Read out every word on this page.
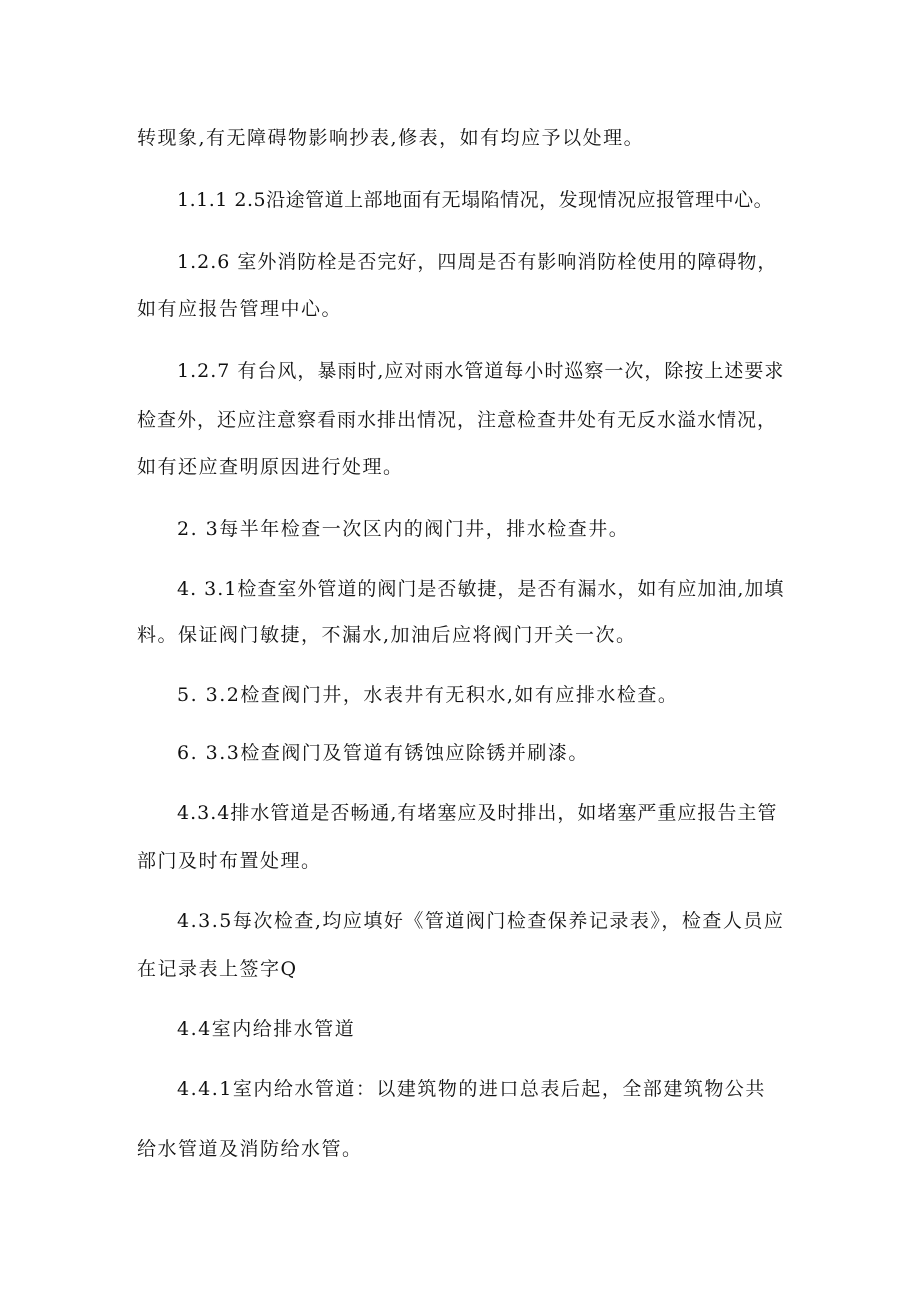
转现象,有无障碍物影响抄表,修表，如有均应予以处理。
1.1.1 2.5沿途管道上部地面有无塌陷情况，发现情况应报管理中心。
1.2.6 室外消防栓是否完好，四周是否有影响消防栓使用的障碍物，
如有应报告管理中心。
1.2.7 有台风，暴雨时,应对雨水管道每小时巡察一次，除按上述要求
检查外，还应注意察看雨水排出情况，注意检查井处有无反水溢水情况，
如有还应查明原因进行处理。
2. 3每半年检查一次区内的阀门井，排水检查井。
4. 3.1检查室外管道的阀门是否敏捷，是否有漏水，如有应加油,加填
料。保证阀门敏捷，不漏水,加油后应将阀门开关一次。
5. 3.2检查阀门井，水表井有无积水,如有应排水检查。
6. 3.3检查阀门及管道有锈蚀应除锈并刷漆。
4.3.4排水管道是否畅通,有堵塞应及时排出，如堵塞严重应报告主管
部门及时布置处理。
4.3.5每次检查,均应填好《管道阀门检查保养记录表》，检查人员应
在记录表上签字Q
4.4室内给排水管道
4.4.1室内给水管道：以建筑物的进口总表后起，全部建筑物公共
给水管道及消防给水管。
